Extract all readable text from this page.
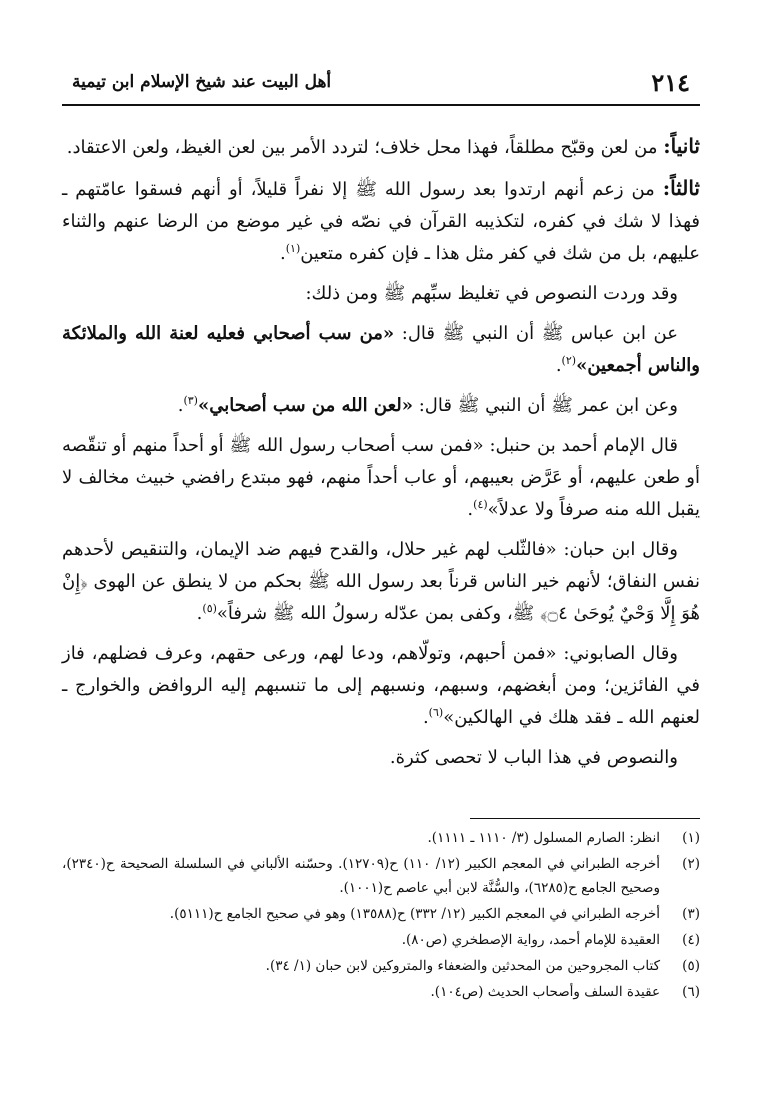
٢١٤
أهل البيت عند شيخ الإسلام ابن تيمية

ثانياً: من لعن وقبّح مطلقاً، فهذا محل خلاف؛ لتردد الأمر بين لعن الغيظ، ولعن الاعتقاد.

ثالثاً: من زعم أنهم ارتدوا بعد رسول الله ﷺ إلا نفراً قليلاً، أو أنهم فسقوا عامّتهم ـ فهذا لا شك في كفره، لتكذيبه القرآن في نصّه في غير موضع من الرضا عنهم والثناء عليهم، بل من شك في كفر مثل هذا ـ فإن كفره متعين$^{(١)}$.

وقد وردت النصوص في تغليظ سبِّهم ﷺ ومن ذلك:

عن ابن عباس ﷺ أن النبي ﷺ قال: «من سب أصحابي فعليه لعنة الله والملائكة والناس أجمعين»$^{(٢)}$.

وعن ابن عمر ﷺ أن النبي ﷺ قال: «لعن الله من سب أصحابي»$^{(٣)}$.

قال الإمام أحمد بن حنبل: «فمن سب أصحاب رسول الله ﷺ أو أحداً منهم أو تنقّصه أو طعن عليهم، أو عَرَّض بعيبهم، أو عاب أحداً منهم، فهو مبتدع رافضي خبيث مخالف لا يقبل الله منه صرفاً ولا عدلاً»$^{(٤)}$.

وقال ابن حبان: «فالثّلب لهم غير حلال، والقدح فيهم ضد الإيمان، والتنقيص لأحدهم نفس النفاق؛ لأنهم خير الناس قرناً بعد رسول الله ﷺ بحكم من لا ينطق عن الهوى ﴿إِنْ هُوَ إِلَّا وَحْيٌ يُوحَىٰ ۝٤﴾ ﷺ، وكفى بمن عدّله رسولُ الله ﷺ شرفاً»$^{(٥)}$.

وقال الصابوني: «فمن أحبهم، وتولّاهم، ودعا لهم، ورعى حقهم، وعرف فضلهم، فاز في الفائزين؛ ومن أبغضهم، وسبهم، ونسبهم إلى ما تنسبهم إليه الروافض والخوارج ـ لعنهم الله ـ فقد هلك في الهالكين»$^{(٦)}$.

والنصوص في هذا الباب لا تحصى كثرة.

(١)
انظر: الصارم المسلول (٣/ ١١١٠ ـ ١١١١).
(٢)
أخرجه الطبراني في المعجم الكبير (١٢/ ١١٠) ح(١٢٧٠٩). وحسّنه الألباني في السلسلة الصحيحة ح(٢٣٤٠)، وصحيح الجامع ح(٦٢٨٥)، والسُّنَّة لابن أبي عاصم ح(١٠٠١).
(٣)
أخرجه الطبراني في المعجم الكبير (١٢/ ٣٣٢) ح(١٣٥٨٨) وهو في صحيح الجامع ح(٥١١١).
(٤)
العقيدة للإمام أحمد، رواية الإصطخري (ص٨٠).
(٥)
كتاب المجروحين من المحدثين والضعفاء والمتروكين لابن حبان (١/ ٣٤).
(٦)
عقيدة السلف وأصحاب الحديث (ص١٠٤).
